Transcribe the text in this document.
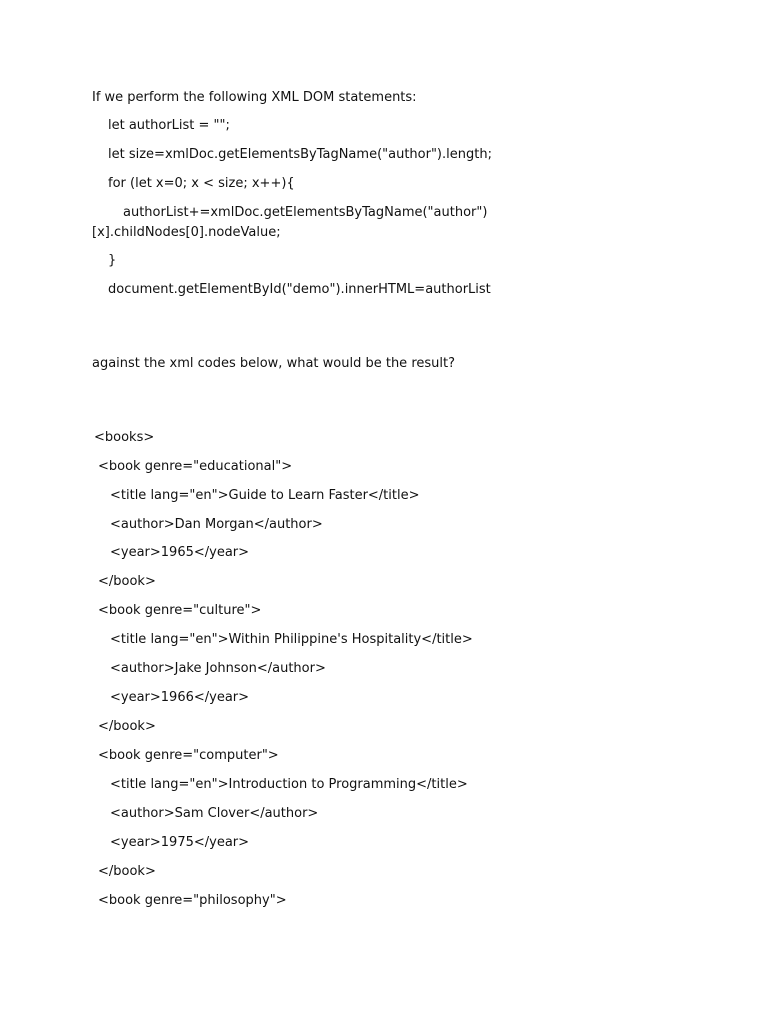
If we perform the following XML DOM statements:

let authorList = "";

let size=xmlDoc.getElementsByTagName("author").length;

for (let x=0; x < size; x++){

authorList+=xmlDoc.getElementsByTagName("author")

[x].childNodes[0].nodeValue;

}

document.getElementById("demo").innerHTML=authorList

against the xml codes below, what would be the result?

<books>

<book genre="educational">

<title lang="en">Guide to Learn Faster</title>

<author>Dan Morgan</author>

<year>1965</year>

</book>

<book genre="culture">

<title lang="en">Within Philippine's Hospitality</title>

<author>Jake Johnson</author>

<year>1966</year>

</book>

<book genre="computer">

<title lang="en">Introduction to Programming</title>

<author>Sam Clover</author>

<year>1975</year>

</book>

<book genre="philosophy">
